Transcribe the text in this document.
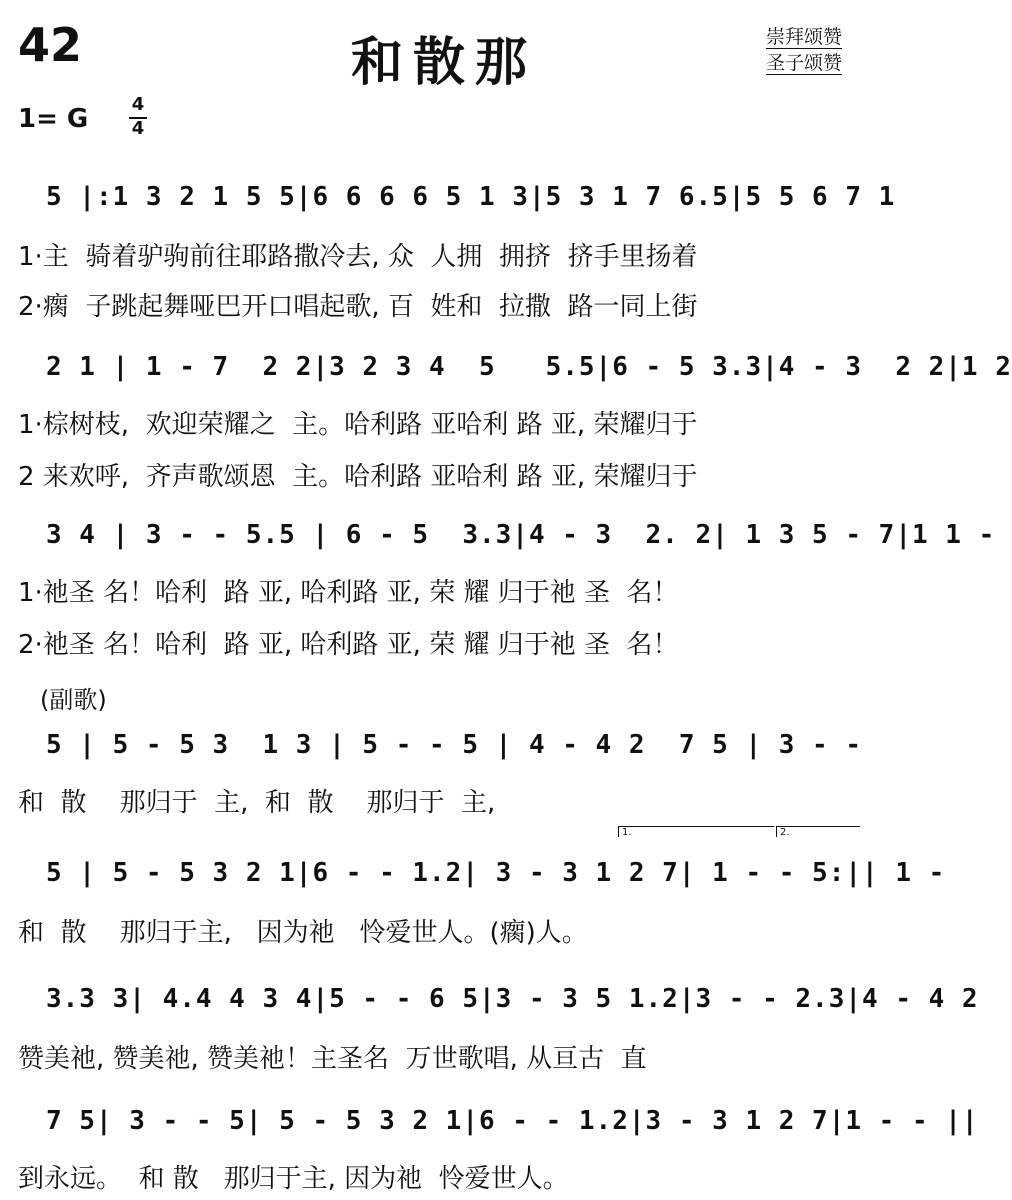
42	和散那	崇拜颂赞
圣子颂赞
1= G 4
4
5 |:1 3 2 1 5 5|6 6 6 6 5 1 3|5 3 1 7 6.5|5 5 6 7 1
1·主  骑着驴驹前往耶路撒冷去, 众  人拥  拥挤  挤手里扬着
2·瘸  子跳起舞哑巴开口唱起歌, 百  姓和  拉撒  路一同上街
2 1 | 1 - 7  2 2|3 2 3 4  5   5.5|6 - 5 3.3|4 - 3  2 2|1 2
1·棕树枝,  欢迎荣耀之  主。哈利路 亚哈利 路 亚, 荣耀归于
2 来欢呼,  齐声歌颂恩  主。哈利路 亚哈利 路 亚, 荣耀归于
3 4 | 3 - - 5.5 | 6 - 5  3.3|4 - 3  2. 2| 1 3 5 - 7|1 1 -
1·祂圣 名！哈利  路 亚, 哈利路 亚, 荣 耀 归于祂 圣  名！
2·祂圣 名！哈利  路 亚, 哈利路 亚, 荣 耀 归于祂 圣  名！
(副歌)
5 | 5 - 5 3  1 3 | 5 - - 5 | 4 - 4 2  7 5 | 3 - -
和  散    那归于  主,  和  散    那归于  主,
1.	2.
5 | 5 - 5 3 2 1|6 - - 1.2| 3 - 3 1 2 7| 1 - - 5:|| 1 -
和  散    那归于主,   因为祂   怜爱世人。(瘸)人。
3.3 3| 4.4 4 3 4|5 - - 6 5|3 - 3 5 1.2|3 - - 2.3|4 - 4 2
赞美祂, 赞美祂, 赞美祂！主圣名  万世歌唱, 从亘古  直
7 5| 3 - - 5| 5 - 5 3 2 1|6 - - 1.2|3 - 3 1 2 7|1 - - ||
到永远。  和 散   那归于主, 因为祂  怜爱世人。
